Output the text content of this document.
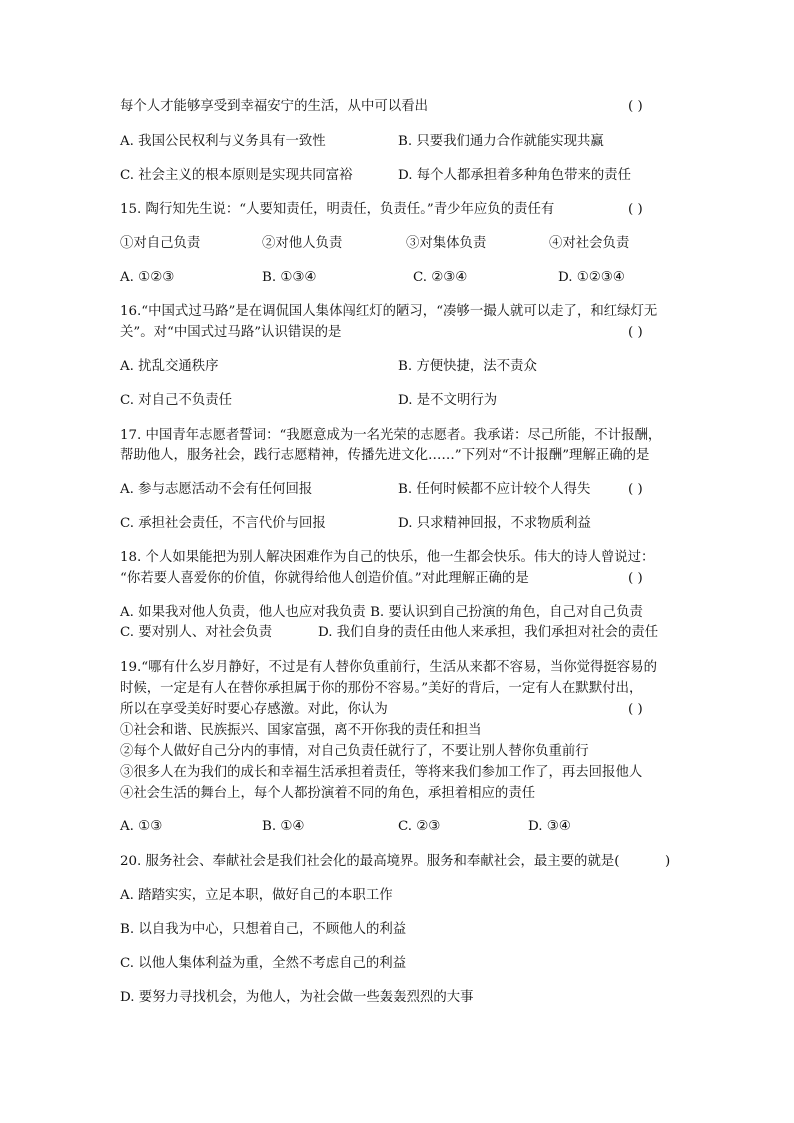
每个人才能够享受到幸福安宁的生活，从中可以看出	( )
A. 我国公民权利与义务具有一致性	B. 只要我们通力合作就能实现共赢
C. 社会主义的根本原则是实现共同富裕	D. 每个人都承担着多种角色带来的责任
15. 陶行知先生说：“人要知责任，明责任，负责任。”青少年应负的责任有	( )
①对自己负责	②对他人负责	③对集体负责	④对社会负责
A. ①②③	B. ①③④	C. ②③④	D. ①②③④
16.“中国式过马路”是在调侃国人集体闯红灯的陋习，“凑够一撮人就可以走了，和红绿灯无
关”。对“中国式过马路”认识错误的是	( )
A. 扰乱交通秩序	B. 方便快捷，法不责众
C. 对自己不负责任	D. 是不文明行为
17. 中国青年志愿者誓词：“我愿意成为一名光荣的志愿者。我承诺：尽己所能，不计报酬，
帮助他人，服务社会，践行志愿精神，传播先进文化……”下列对“不计报酬”理解正确的是
A. 参与志愿活动不会有任何回报	B. 任何时候都不应计较个人得失	( )
C. 承担社会责任，不言代价与回报	D. 只求精神回报，不求物质利益
18. 个人如果能把为别人解决困难作为自己的快乐，他一生都会快乐。伟大的诗人曾说过：
“你若要人喜爱你的价值，你就得给他人创造价值。”对此理解正确的是	( )
A. 如果我对他人负责，他人也应对我负责 B. 要认识到自己扮演的角色，自己对自己负责
C. 要对别人、对社会负责	D. 我们自身的责任由他人来承担，我们承担对社会的责任
19.“哪有什么岁月静好，不过是有人替你负重前行，生活从来都不容易，当你觉得挺容易的
时候，一定是有人在替你承担属于你的那份不容易。”美好的背后，一定有人在默默付出，
所以在享受美好时要心存感激。对此，你认为	( )
①社会和谐、民族振兴、国家富强，离不开你我的责任和担当
②每个人做好自己分内的事情，对自己负责任就行了，不要让别人替你负重前行
③很多人在为我们的成长和幸福生活承担着责任，等将来我们参加工作了，再去回报他人
④社会生活的舞台上，每个人都扮演着不同的角色，承担着相应的责任
A. ①③	B. ①④	C. ②③	D. ③④
20. 服务社会、奉献社会是我们社会化的最高境界。服务和奉献社会，最主要的就是(	)
A. 踏踏实实，立足本职，做好自己的本职工作
B. 以自我为中心，只想着自己，不顾他人的利益
C. 以他人集体利益为重，全然不考虑自己的利益
D. 要努力寻找机会，为他人，为社会做一些轰轰烈烈的大事
